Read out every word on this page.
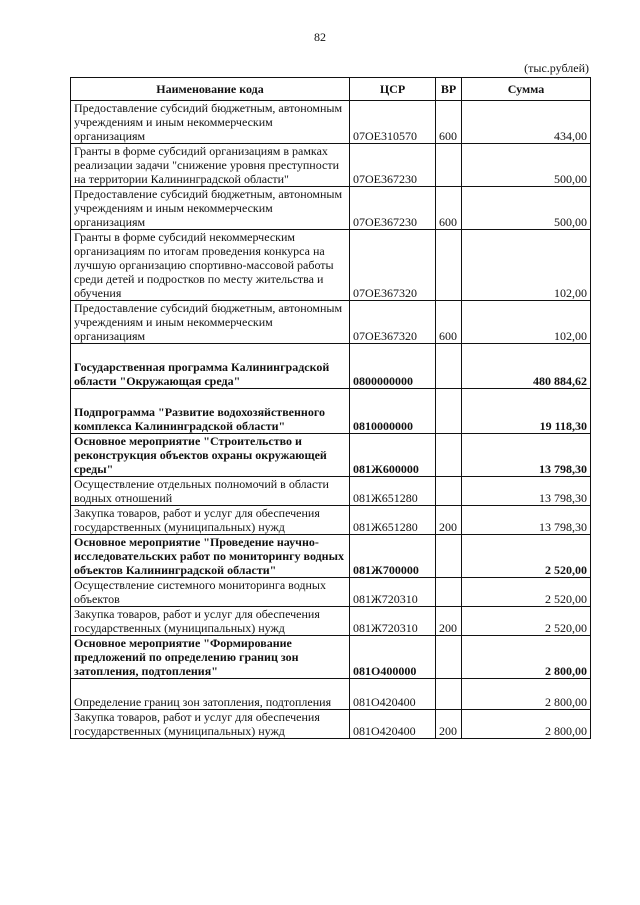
82
(тыс.рублей)
Наименование кода	ЦСР	ВР	Сумма
Предоставление субсидий бюджетным, автономным учреждениям и иным некоммерческим организациям	07ОЕ310570	600	434,00
Гранты в форме субсидий организациям в рамках реализации задачи "снижение уровня преступности на территории Калининградской области"	07ОЕ367230		500,00
Предоставление субсидий бюджетным, автономным учреждениям и иным некоммерческим организациям	07ОЕ367230	600	500,00
Гранты в форме субсидий некоммерческим организациям по итогам проведения конкурса на лучшую организацию спортивно-массовой работы среди детей и подростков по месту жительства и обучения	07ОЕ367320		102,00
Предоставление субсидий бюджетным, автономным учреждениям и иным некоммерческим организациям	07ОЕ367320	600	102,00
Государственная программа Калининградской области "Окружающая среда"	0800000000		480 884,62
Подпрограмма "Развитие водохозяйственного комплекса Калининградской области"	0810000000		19 118,30
Основное мероприятие "Строительство и реконструкция объектов охраны окружающей среды"	081Ж600000		13 798,30
Осуществление отдельных полномочий в области водных отношений	081Ж651280		13 798,30
Закупка товаров, работ и услуг для обеспечения государственных (муниципальных) нужд	081Ж651280	200	13 798,30
Основное мероприятие "Проведение научно-исследовательских работ по мониторингу водных объектов Калининградской области"	081Ж700000		2 520,00
Осуществление системного мониторинга водных объектов	081Ж720310		2 520,00
Закупка товаров, работ и услуг для обеспечения государственных (муниципальных) нужд	081Ж720310	200	2 520,00
Основное мероприятие "Формирование предложений по определению границ зон затопления, подтопления"	081О400000		2 800,00
Определение границ зон затопления, подтопления	081О420400		2 800,00
Закупка товаров, работ и услуг для обеспечения государственных (муниципальных) нужд	081О420400	200	2 800,00
